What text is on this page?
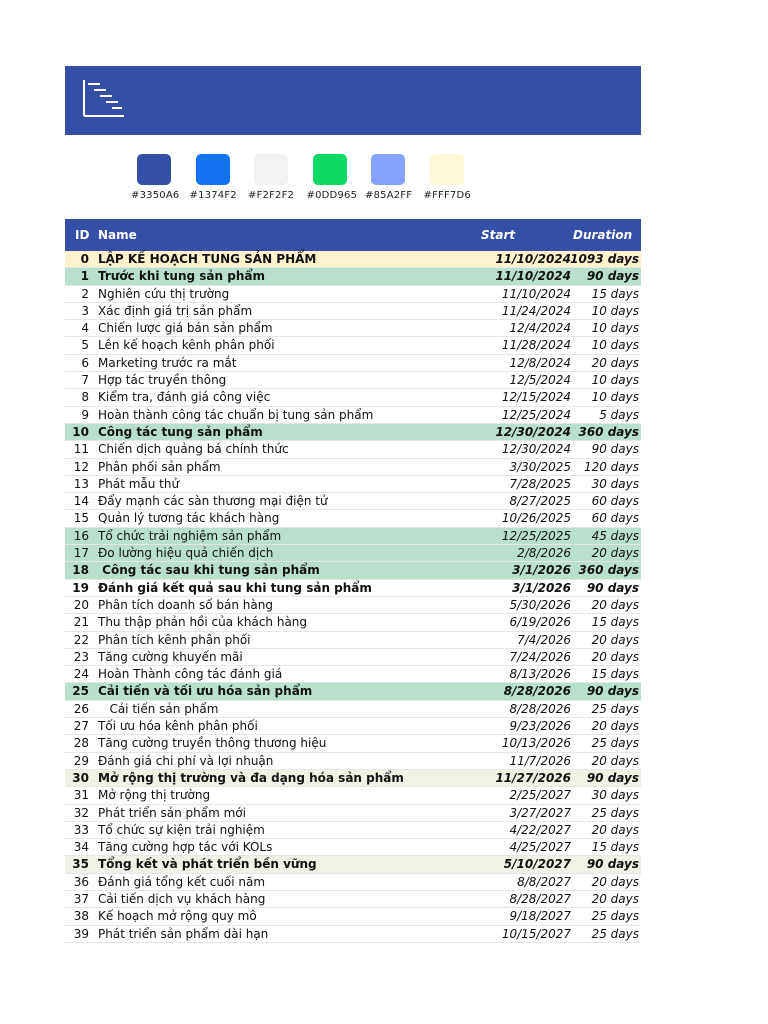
#3350A6 #1374F2 #F2F2F2	#0DD965 #85A2FF #FFF7D6
ID Name	Start	Duration
0 LẬP KẾ HOẠCH TUNG SẢN PHẨM	11/10/2024 1093 days
1 Trước khi tung sản phẩm	11/10/2024 90 days
2 Nghiên cứu thị trường	11/10/2024 15 days
3 Xác định giá trị sản phẩm	11/24/2024 10 days
4 Chiến lược giá bán sản phẩm	12/4/2024 10 days
5 Lên kế hoạch kênh phân phối	11/28/2024 10 days
6 Marketing trước ra mắt	12/8/2024 20 days
7 Hợp tác truyền thông	12/5/2024 10 days
8 Kiểm tra, đánh giá công việc	12/15/2024 10 days
9 Hoàn thành công tác chuẩn bị tung sản phẩm	12/25/2024 5 days
10 Công tác tung sản phẩm	12/30/2024 360 days
11 Chiến dịch quảng bá chính thức	12/30/2024 90 days
12 Phân phối sản phẩm	3/30/2025 120 days
13 Phát mẫu thử	7/28/2025 30 days
14 Đẩy mạnh các sàn thương mại điện tử	8/27/2025 60 days
15 Quản lý tương tác khách hàng	10/26/2025 60 days
16 Tổ chức trải nghiệm sản phẩm	12/25/2025 45 days
17 Đo lường hiệu quả chiến dịch	2/8/2026 20 days
18 Công tác sau khi tung sản phẩm	3/1/2026 360 days
19 Đánh giá kết quả sau khi tung sản phẩm	3/1/2026 90 days
20 Phân tích doanh số bán hàng	5/30/2026 20 days
21 Thu thập phản hồi của khách hàng	6/19/2026 15 days
22 Phân tích kênh phân phối	7/4/2026 20 days
23 Tăng cường khuyến mãi	7/24/2026 20 days
24 Hoàn Thành công tác đánh giá	8/13/2026 15 days
25 Cải tiến và tối ưu hóa sản phẩm	8/28/2026 90 days
26 Cải tiến sản phẩm	8/28/2026 25 days
27 Tối ưu hóa kênh phân phối	9/23/2026 20 days
28 Tăng cường truyền thông thương hiệu	10/13/2026 25 days
29 Đánh giá chi phí và lợi nhuận	11/7/2026 20 days
30 Mở rộng thị trường và đa dạng hóa sản phẩm	11/27/2026 90 days
31 Mở rộng thị trường	2/25/2027 30 days
32 Phát triển sản phẩm mới	3/27/2027 25 days
33 Tổ chức sự kiện trải nghiệm	4/22/2027 20 days
34 Tăng cường hợp tác với KOLs	4/25/2027 15 days
35 Tổng kết và phát triển bền vững	5/10/2027 90 days
36 Đánh giá tổng kết cuối năm	8/8/2027 20 days
37 Cải tiến dịch vụ khách hàng	8/28/2027 20 days
38 Kế hoạch mở rộng quy mô	9/18/2027 25 days
39 Phát triển sản phẩm dài hạn	10/15/2027 25 days
